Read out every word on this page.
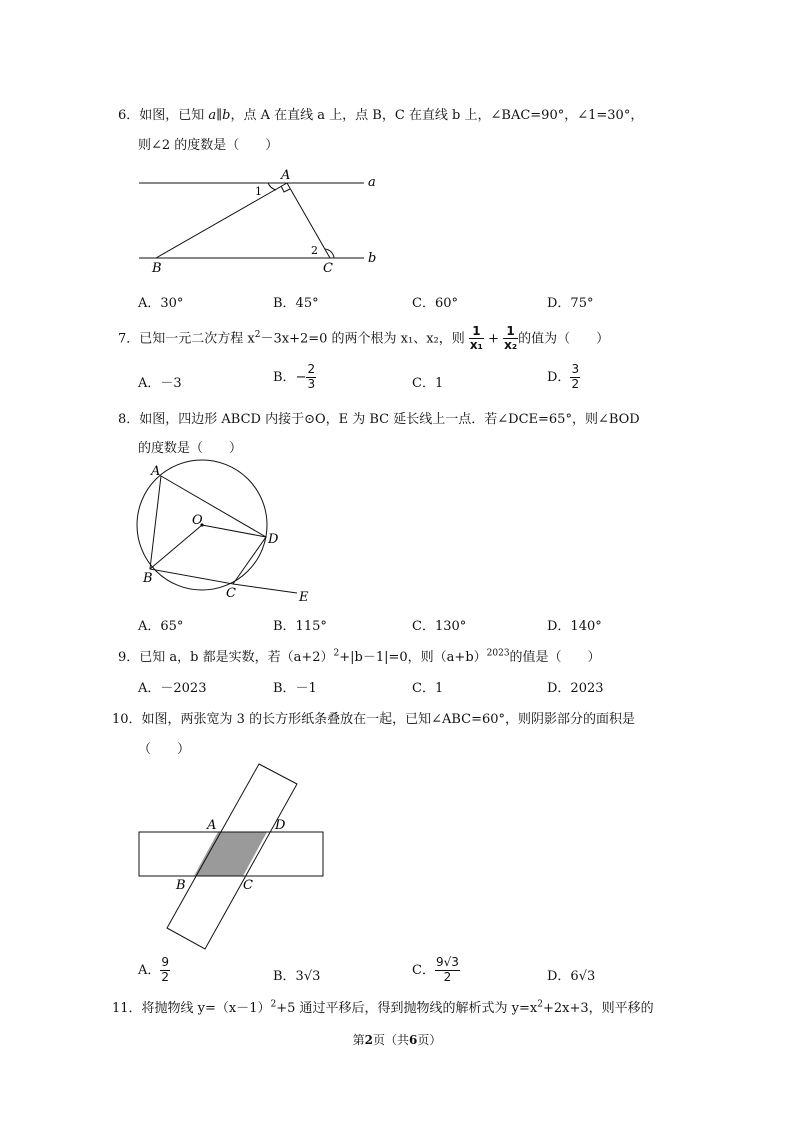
6．如图，已知 a∥b，点 A 在直线 a 上，点 B，C 在直线 b 上，∠BAC=90°，∠1=30°，
则∠2 的度数是（　　）
A
B	C
a
b
1
2
A
O
D
B
C	E
A	D
B	C
A．30°	B．45°	C．60°	D．75°
7．已知一元二次方程 $x^2-3x+2=0$ 的两个根为 x₁、x₂，则 $\frac{1}{\text{x₁}} + \frac{1}{\text{x₂}}$ 的值为（　　）
A．－3	B．− $\frac{2}{3}$	C．1	D． $\frac{3}{2}$
8．如图，四边形 ABCD 内接于⊙O，E 为 BC 延长线上一点．若∠DCE=65°，则∠BOD
的度数是（　　）
A．65°	B．115°	C．130°	D．140°
9．已知 a，b 都是实数，若$(a+2)^2+|b-1|=0$，则$(a+b)^{2023}$的值是（　　）
A．－2023	B．－1	C．1	D．2023
10．如图，两张宽为 3 的长方形纸条叠放在一起，已知∠ABC=60°，则阴影部分的面积是
（　　）
A． $\frac{9}{2}$	B．3√3	C． $\frac{9√3}{2}$	D．6√3
11．将抛物线 $y=(x-1)^2+5$ 通过平移后，得到抛物线的解析式为 $y=x^2+2x+3$，则平移的
第2页（共6页）
